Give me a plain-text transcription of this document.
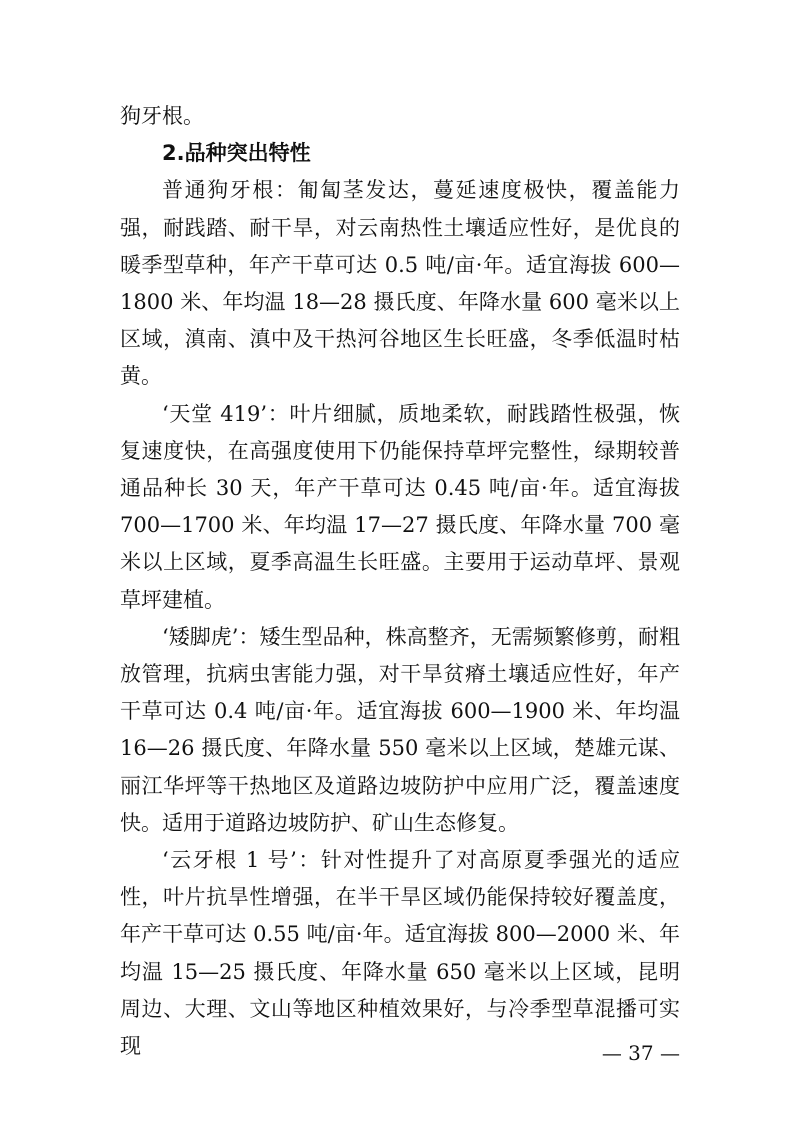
狗牙根。

2.品种突出特性

普通狗牙根：匍匐茎发达，蔓延速度极快，覆盖能力强，耐践踏、耐干旱，对云南热性土壤适应性好，是优良的暖季型草种，年产干草可达 0.5 吨/亩·年。适宜海拔 600—1800 米、年均温 18—28 摄氏度、年降水量 600 毫米以上区域，滇南、滇中及干热河谷地区生长旺盛，冬季低温时枯黄。

‘天堂 419’：叶片细腻，质地柔软，耐践踏性极强，恢复速度快，在高强度使用下仍能保持草坪完整性，绿期较普通品种长 30 天，年产干草可达 0.45 吨/亩·年。适宜海拔 700—1700 米、年均温 17—27 摄氏度、年降水量 700 毫米以上区域，夏季高温生长旺盛。主要用于运动草坪、景观草坪建植。

‘矮脚虎’：矮生型品种，株高整齐，无需频繁修剪，耐粗放管理，抗病虫害能力强，对干旱贫瘠土壤适应性好，年产干草可达 0.4 吨/亩·年。适宜海拔 600—1900 米、年均温 16—26 摄氏度、年降水量 550 毫米以上区域，楚雄元谋、丽江华坪等干热地区及道路边坡防护中应用广泛，覆盖速度快。适用于道路边坡防护、矿山生态修复。

‘云牙根 1 号’：针对性提升了对高原夏季强光的适应性，叶片抗旱性增强，在半干旱区域仍能保持较好覆盖度，年产干草可达 0.55 吨/亩·年。适宜海拔 800—2000 米、年均温 15—25 摄氏度、年降水量 650 毫米以上区域，昆明周边、大理、文山等地区种植效果好，与冷季型草混播可实现	— 37 —
